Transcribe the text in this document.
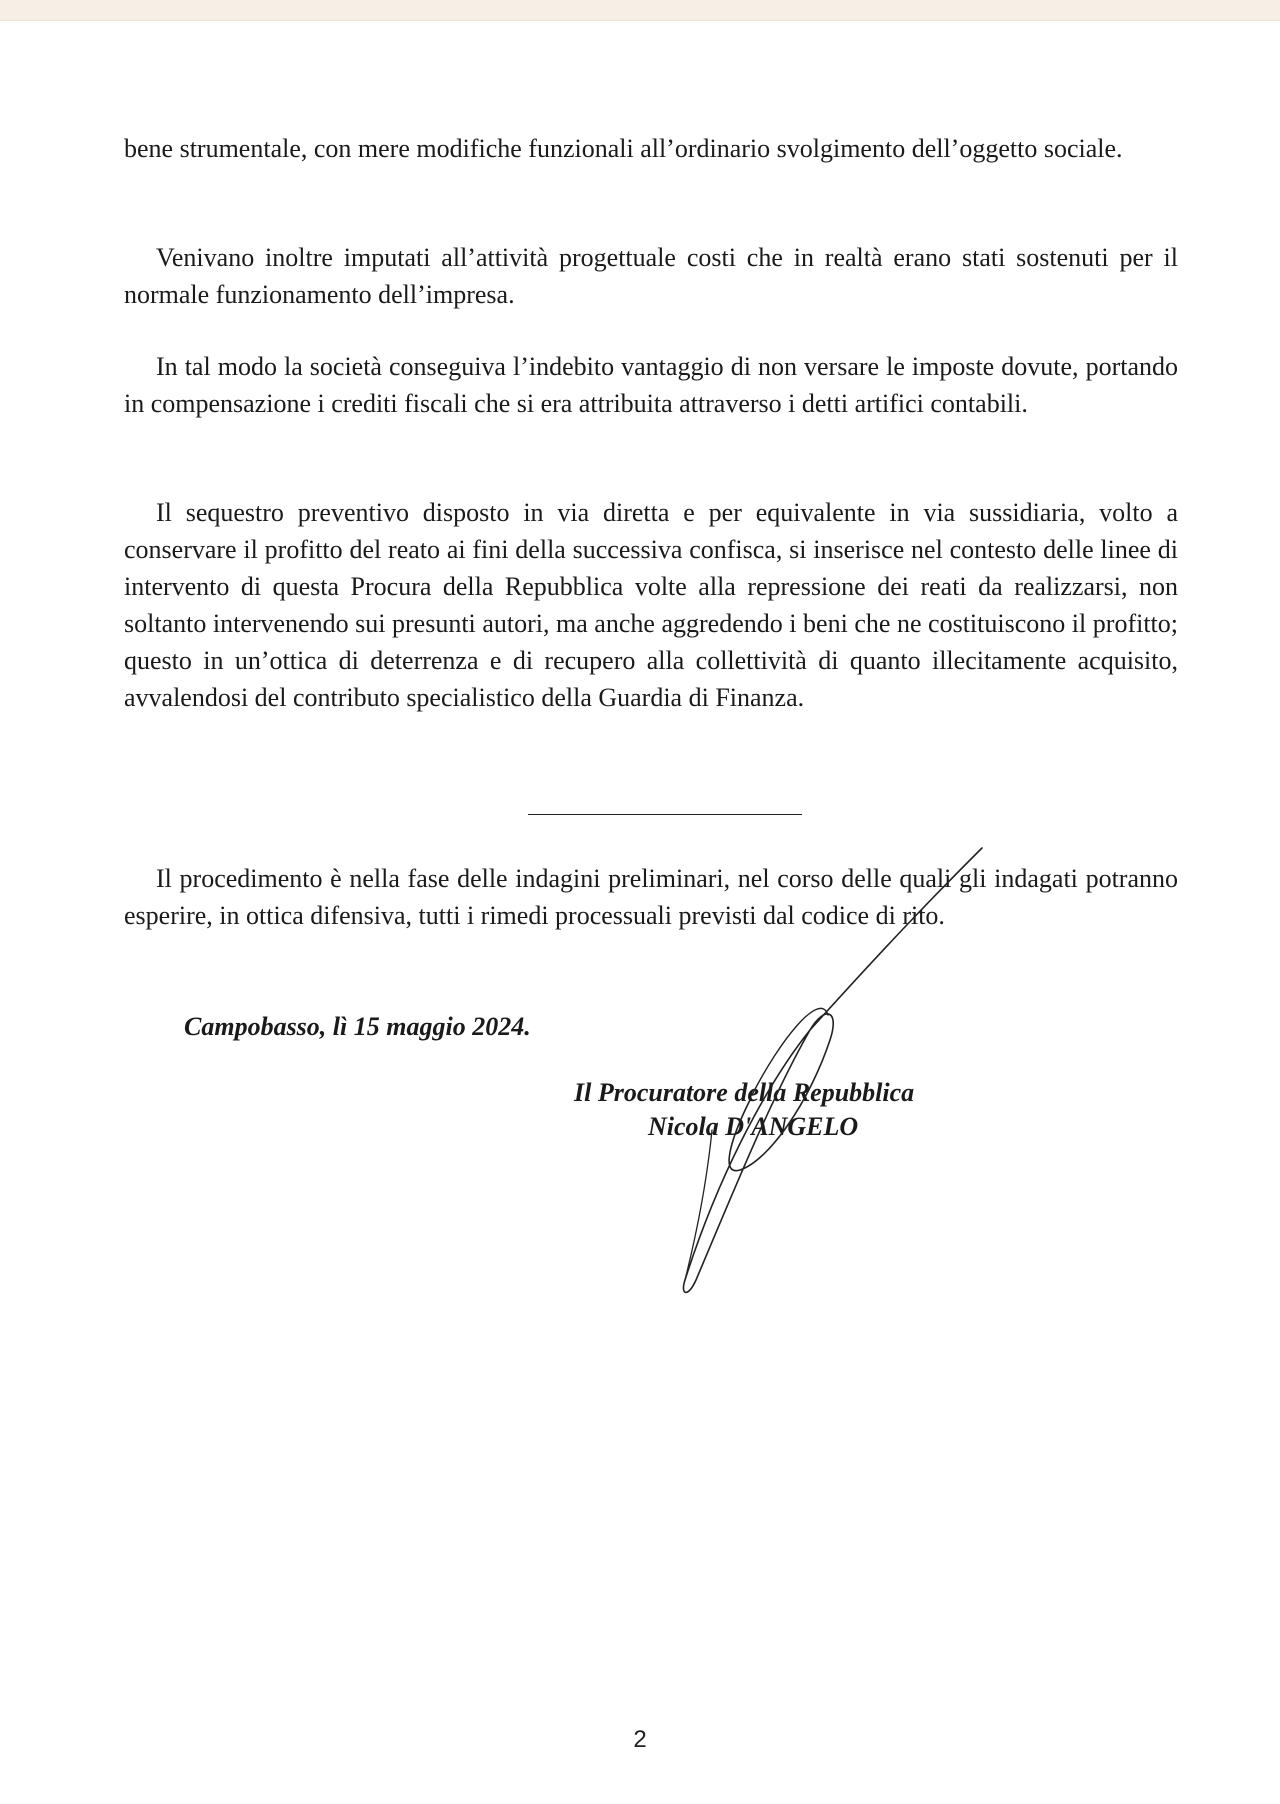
bene strumentale, con mere modifiche funzionali all’ordinario svolgimento dell’oggetto sociale.

Venivano inoltre imputati all’attività progettuale costi che in realtà erano stati sostenuti per il normale funzionamento dell’impresa.

In tal modo la società conseguiva l’indebito vantaggio di non versare le imposte dovute, portando in compensazione i crediti fiscali che si era attribuita attraverso i detti artifici contabili.

Il sequestro preventivo disposto in via diretta e per equivalente in via sussidiaria, volto a conservare il profitto del reato ai fini della successiva confisca, si inserisce nel contesto delle linee di intervento di questa Procura della Repubblica volte alla repressione dei reati da realizzarsi, non soltanto intervenendo sui presunti autori, ma anche aggredendo i beni che ne costituiscono il profitto; questo in un’ottica di deterrenza e di recupero alla collettività di quanto illecitamente acquisito, avvalendosi del contributo specialistico della Guardia di Finanza.

Il procedimento è nella fase delle indagini preliminari, nel corso delle quali gli indagati potranno esperire, in ottica difensiva, tutti i rimedi processuali previsti dal codice di rito.

Campobasso, lì 15 maggio 2024.
Il Procuratore della Repubblica
Nicola D'ANGELO
2
